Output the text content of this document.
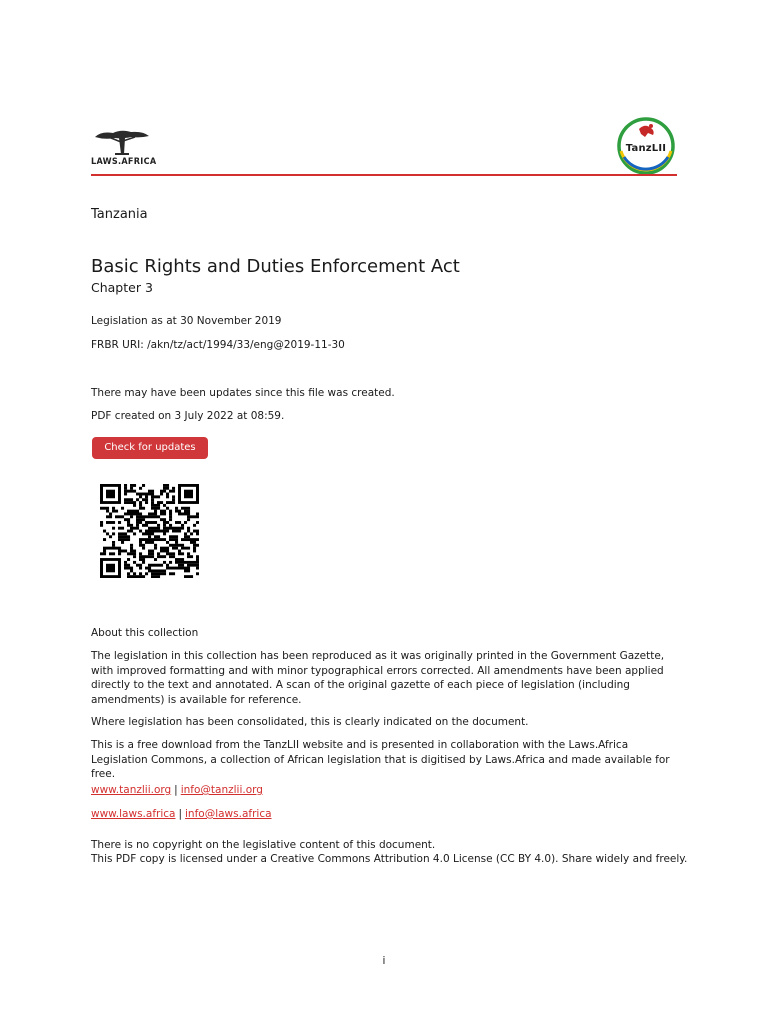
LAWS.AFRICA
TanzLII
Tanzania
Basic Rights and Duties Enforcement Act
Chapter 3
Legislation as at 30 November 2019
FRBR URI: /akn/tz/act/1994/33/eng@2019-11-30
There may have been updates since this file was created.
PDF created on 3 July 2022 at 08:59.
Check for updates
About this collection
The legislation in this collection has been reproduced as it was originally printed in the Government Gazette, with improved formatting and with minor typographical errors corrected. All amendments have been applied directly to the text and annotated. A scan of the original gazette of each piece of legislation (including amendments) is available for reference.
Where legislation has been consolidated, this is clearly indicated on the document.
This is a free download from the TanzLII website and is presented in collaboration with the Laws.Africa Legislation Commons, a collection of African legislation that is digitised by Laws.Africa and made available for free.
www.tanzlii.org | info@tanzlii.org
www.laws.africa | info@laws.africa
There is no copyright on the legislative content of this document.
This PDF copy is licensed under a Creative Commons Attribution 4.0 License (CC BY 4.0). Share widely and freely.
i
